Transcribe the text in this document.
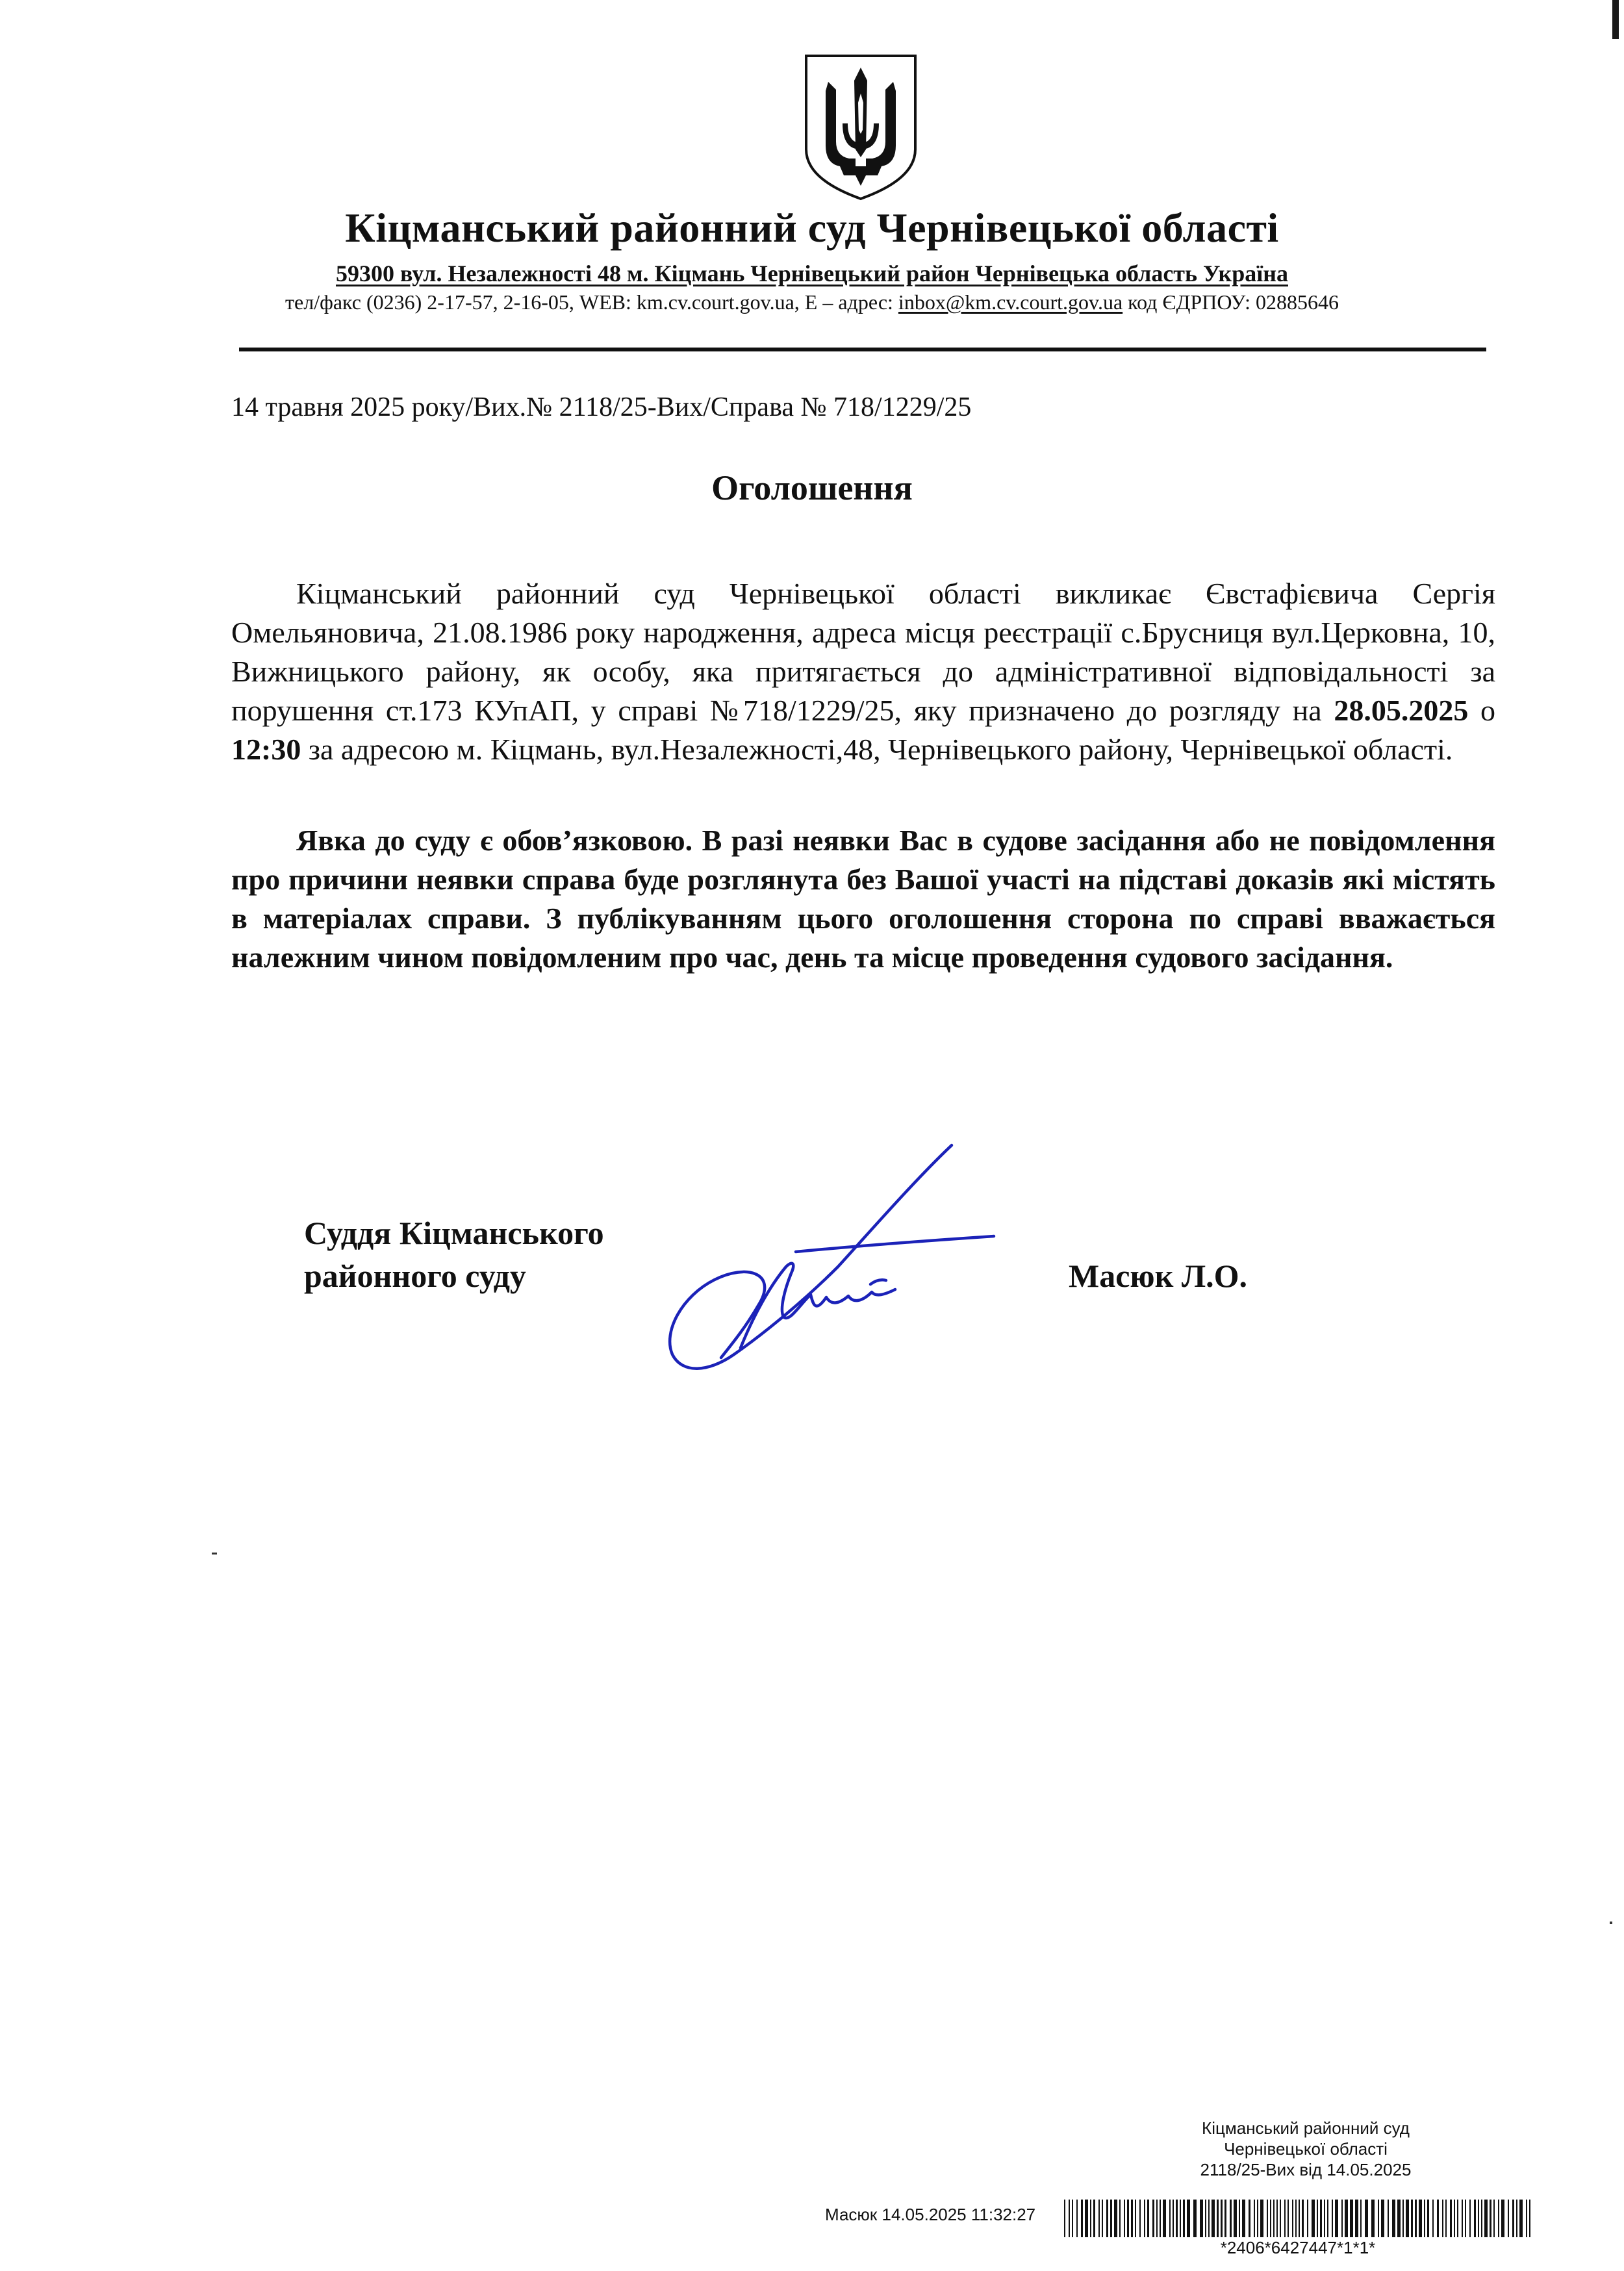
Кіцманський районний суд Чернівецької області
59300 вул. Незалежності 48 м. Кіцмань Чернівецький район Чернівецька область Україна
тел/факс (0236) 2-17-57, 2-16-05, WEB: km.cv.court.gov.ua, Е – адрес: inbox@km.cv.court.gov.ua код ЄДРПОУ: 02885646
14 травня 2025 року/Вих.№ 2118/25-Вих/Справа № 718/1229/25
Оголошення

Кіцманський районний суд Чернівецької області викликає Євстафієвича Сергія Омельяновича, 21.08.1986 року народження, адреса місця реєстрації с.Брусниця вул.Церковна, 10, Вижницького району, як особу, яка притягається до адміністративної відповідальності за порушення ст.173 КУпАП, у справі №718/1229/25, яку призначено до розгляду на 28.05.2025 о 12:30 за адресою м. Кіцмань, вул.Незалежності,48, Чернівецького району, Чернівецької області.

Явка до суду є обов’язковою. В разі неявки Вас в судове засідання або не повідомлення про причини неявки справа буде розглянута без Вашої участі на підставі доказів які містять в матеріалах справи. З публікуванням цього оголошення сторона по справі вважається належним чином повідомленим про час, день та місце проведення судового засідання.

Суддя Кіцманського
районного суду	Масюк Л.О.
Кіцманський районний суд
Чернівецької області
2118/25-Вих від 14.05.2025
Масюк 14.05.2025 11:32:27
*2406*6427447*1*1*
